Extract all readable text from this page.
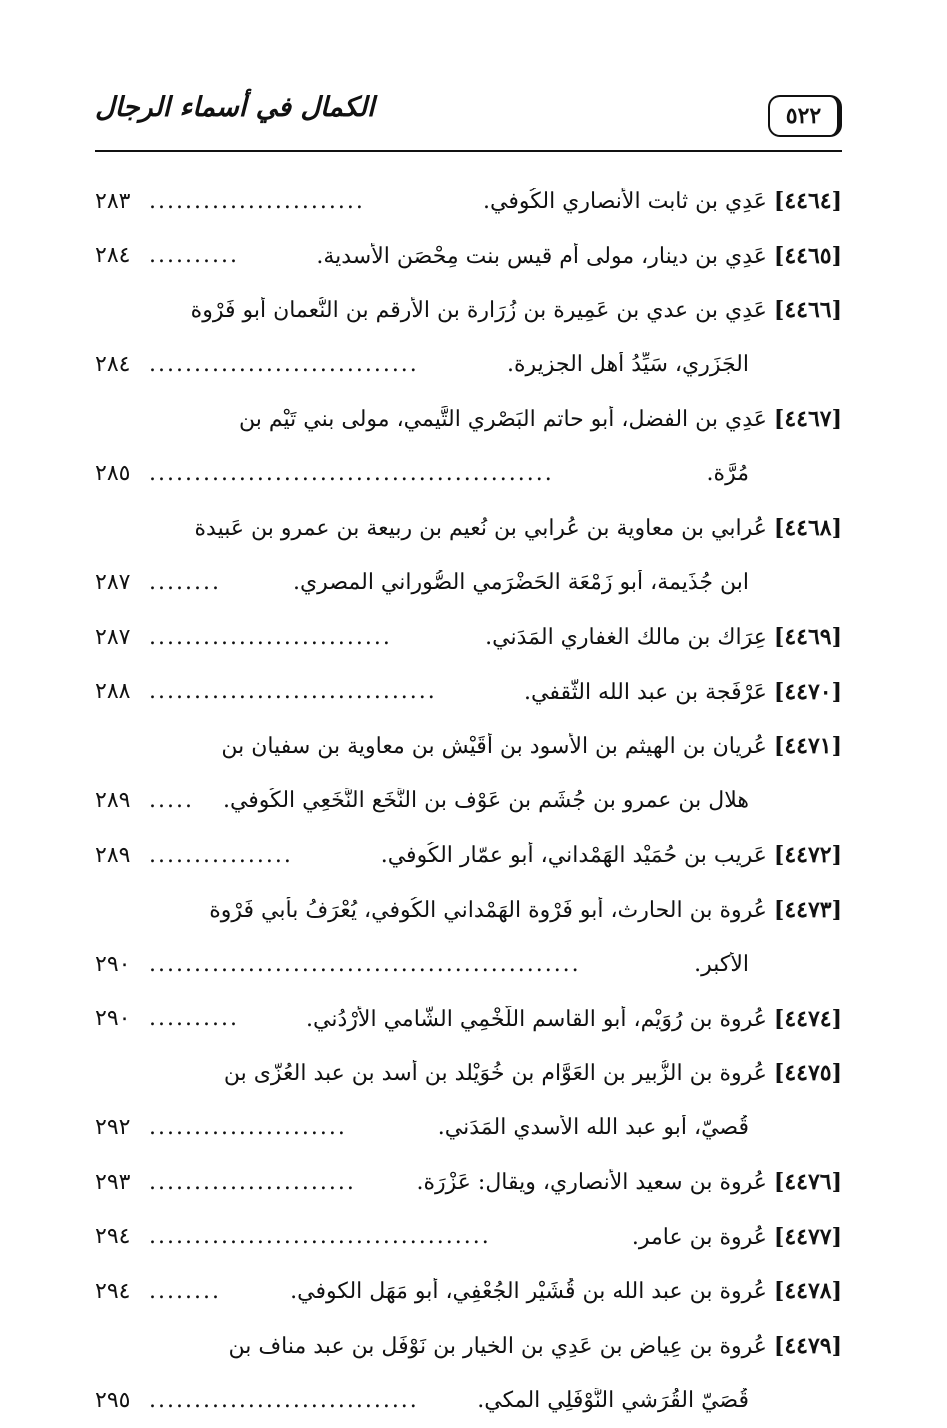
الكمال في أسماء الرجال	٥٢٢
٢٨٣ ........................	[٤٤٦٤] عَدِي بن ثابت الأنصاري الكُوفي.
٢٨٤ ..........	[٤٤٦٥] عَدِي بن دينار، مولى أُم قيس بنت مِحْصَن الأسدية.
[٤٤٦٦] عَدِي بن عدي بن عَمِيرة بن زُرَارة بن الأرقم بن النُّعمان أبو فَرْوة
٢٨٤ ..............................	الجَزَري، سَيِّدُ أهل الجزيرة.
[٤٤٦٧] عَدِي بن الفضل، أبو حاتم البَصْري التَّيمي، مولى بني تَيْم بن
٢٨٥ .............................................	مُرَّة.
[٤٤٦٨] عُرابي بن معاوية بن عُرابي بن نُعيم بن ربيعة بن عمرو بن عَبيدة
٢٨٧ ........	ابن جُذَيمة، أبو زَمْعَة الحَضْرَمي الصُّوراني المصري.
٢٨٧ ...........................	[٤٤٦٩] عِرَاك بن مالك الغفاري المَدَني.
٢٨٨ ................................	[٤٤٧٠] عَرْفَجة بن عبد الله الثَّقفي.
[٤٤٧١] عُريان بن الهيثم بن الأسود بن أُقَيْش بن معاوية بن سفيان بن
٢٨٩ .....	هلال بن عمرو بن جُشَم بن عَوْف بن النَّخَع النَّخَعِي الكُوفي.
٢٨٩ ................	[٤٤٧٢] عَرِيب بن حُمَيْد الهَمْداني، أبو عمّار الكُوفي.
[٤٤٧٣] عُروة بن الحارث، أبو فَرْوة الهَمْداني الكُوفي، يُعْرَفُ بأبي فَرْوة
٢٩٠ ................................................	الأكبر.
٢٩٠ ..........	[٤٤٧٤] عُروة بن رُوَيْم، أبو القاسم اللَّخْمِي الشَّامي الأُرْدُني.
[٤٤٧٥] عُروة بن الزُّبير بن العَوَّام بن خُوَيْلد بن أسد بن عبد العُزّى بن
٢٩٢ ......................	قُصيّ، أبو عبد الله الأسدي المَدَني.
٢٩٣ .......................	[٤٤٧٦] عُروة بن سعيد الأنصاري، ويقال: عَزْرَة.
٢٩٤ ......................................	[٤٤٧٧] عُروة بن عامر.
٢٩٤ ........	[٤٤٧٨] عُروة بن عبد الله بن قُشَيْر الجُعْفِي، أبو مَهَل الكوفي.
[٤٤٧٩] عُروة بن عِياض بن عَدِي بن الخيار بن نَوْفَل بن عبد مناف بن
٢٩٥ ..............................	قُصَيّ القُرَشي النَّوْفَلِي المكي.
